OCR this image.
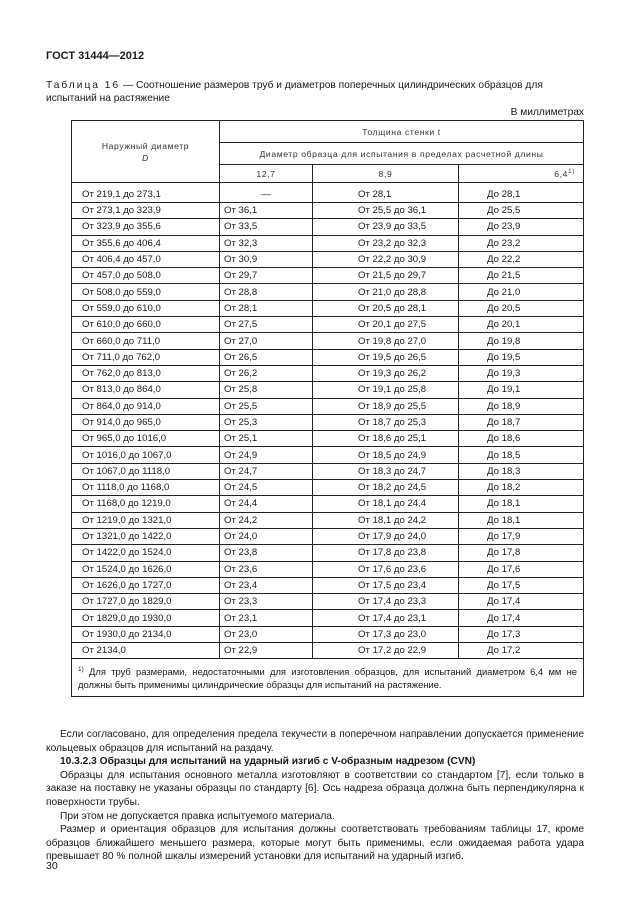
ГОСТ 31444—2012
Таблица 16 — Соотношение размеров труб и диаметров поперечных цилиндрических образцов для испытаний на растяжение
В миллиметрах
Наружный диаметр
D	Толщина стенки t		
	Диаметр образца для испытания в пределах расчетной длины		
	12,7	8,9	6,4$^{1)}$
От 219,1 до 273,1	—	От 28,1	До 28,1
От 273,1 до 323,9	От 36,1	От 25,5 до 36,1	До 25,5
От 323,9 до 355,6	От 33,5	От 23,9 до 33,5	До 23,9
От 355,6 до 406,4	От 32,3	От 23,2 до 32,3	До 23,2
От 406,4 до 457,0	От 30,9	От 22,2 до 30,9	До 22,2
От 457,0 до 508,0	От 29,7	От 21,5 до 29,7	До 21,5
От 508,0 до 559,0	От 28,8	От 21,0 до 28,8	До 21,0
От 559,0 до 610,0	От 28,1	От 20,5 до 28,1	До 20,5
От 610,0 до 660,0	От 27,5	От 20,1 до 27,5	До 20,1
От 660,0 до 711,0	От 27,0	От 19,8 до 27,0	До 19,8
От 711,0 до 762,0	От 26,5	От 19,5 до 26,5	До 19,5
От 762,0 до 813,0	От 26,2	От 19,3 до 26,2	До 19,3
От 813,0 до 864,0	От 25,8	От 19,1 до 25,8	До 19,1
От 864,0 до 914,0	От 25,5	От 18,9 до 25,5	До 18,9
От 914,0 до 965,0	От 25,3	От 18,7 до 25,3	До 18,7
От 965,0 до 1016,0	От 25,1	От 18,6 до 25,1	До 18,6
От 1016,0 до 1067,0	От 24,9	От 18,5 до 24,9	До 18,5
От 1067,0 до 1118,0	От 24,7	От 18,3 до 24,7	До 18,3
От 1118,0 до 1168,0	От 24,5	От 18,2 до 24,5	До 18,2
От 1168,0 до 1219,0	От 24,4	От 18,1 до 24,4	До 18,1
От 1219,0 до 1321,0	От 24,2	От 18,1 до 24,2	До 18,1
От 1321,0 до 1422,0	От 24,0	От 17,9 до 24,0	До 17,9
От 1422,0 до 1524,0	От 23,8	От 17,8 до 23,8	До 17,8
От 1524,0 до 1626,0	От 23,6	От 17,6 до 23,6	До 17,6
От 1626,0 до 1727,0	От 23,4	От 17,5 до 23,4	До 17,5
От 1727,0 до 1829,0	От 23,3	От 17,4 до 23,3	До 17,4
От 1829,0 до 1930,0	От 23,1	От 17,4 до 23,1	До 17,4
От 1930,0 до 2134,0	От 23,0	От 17,3 до 23,0	До 17,3
От 2134,0	От 22,9	От 17,2 до 22,9	До 17,2
$^{1)}$ Для труб размерами, недостаточными для изготовления образцов, для испытаний диаметром 6,4 мм не должны быть применимы цилиндрические образцы для испытаний на растяжение.			

Если согласовано, для определения предела текучести в поперечном направлении допускается применение кольцевых образцов для испытаний на раздачу.

10.3.2.3 Образцы для испытаний на ударный изгиб с V-образным надрезом (CVN)

Образцы для испытания основного металла изготовляют в соответствии со стандартом [7], если только в заказе на поставку не указаны образцы по стандарту [6]. Ось надреза образца должна быть перпендикулярна к поверхности трубы.

При этом не допускается правка испытуемого материала.

Размер и ориентация образцов для испытания должны соответствовать требованиям таблицы 17, кроме образцов ближайшего меньшего размера, которые могут быть применимы, если ожидаемая работа удара превышает 80 % полной шкалы измерений установки для испытаний на ударный изгиб.

30
